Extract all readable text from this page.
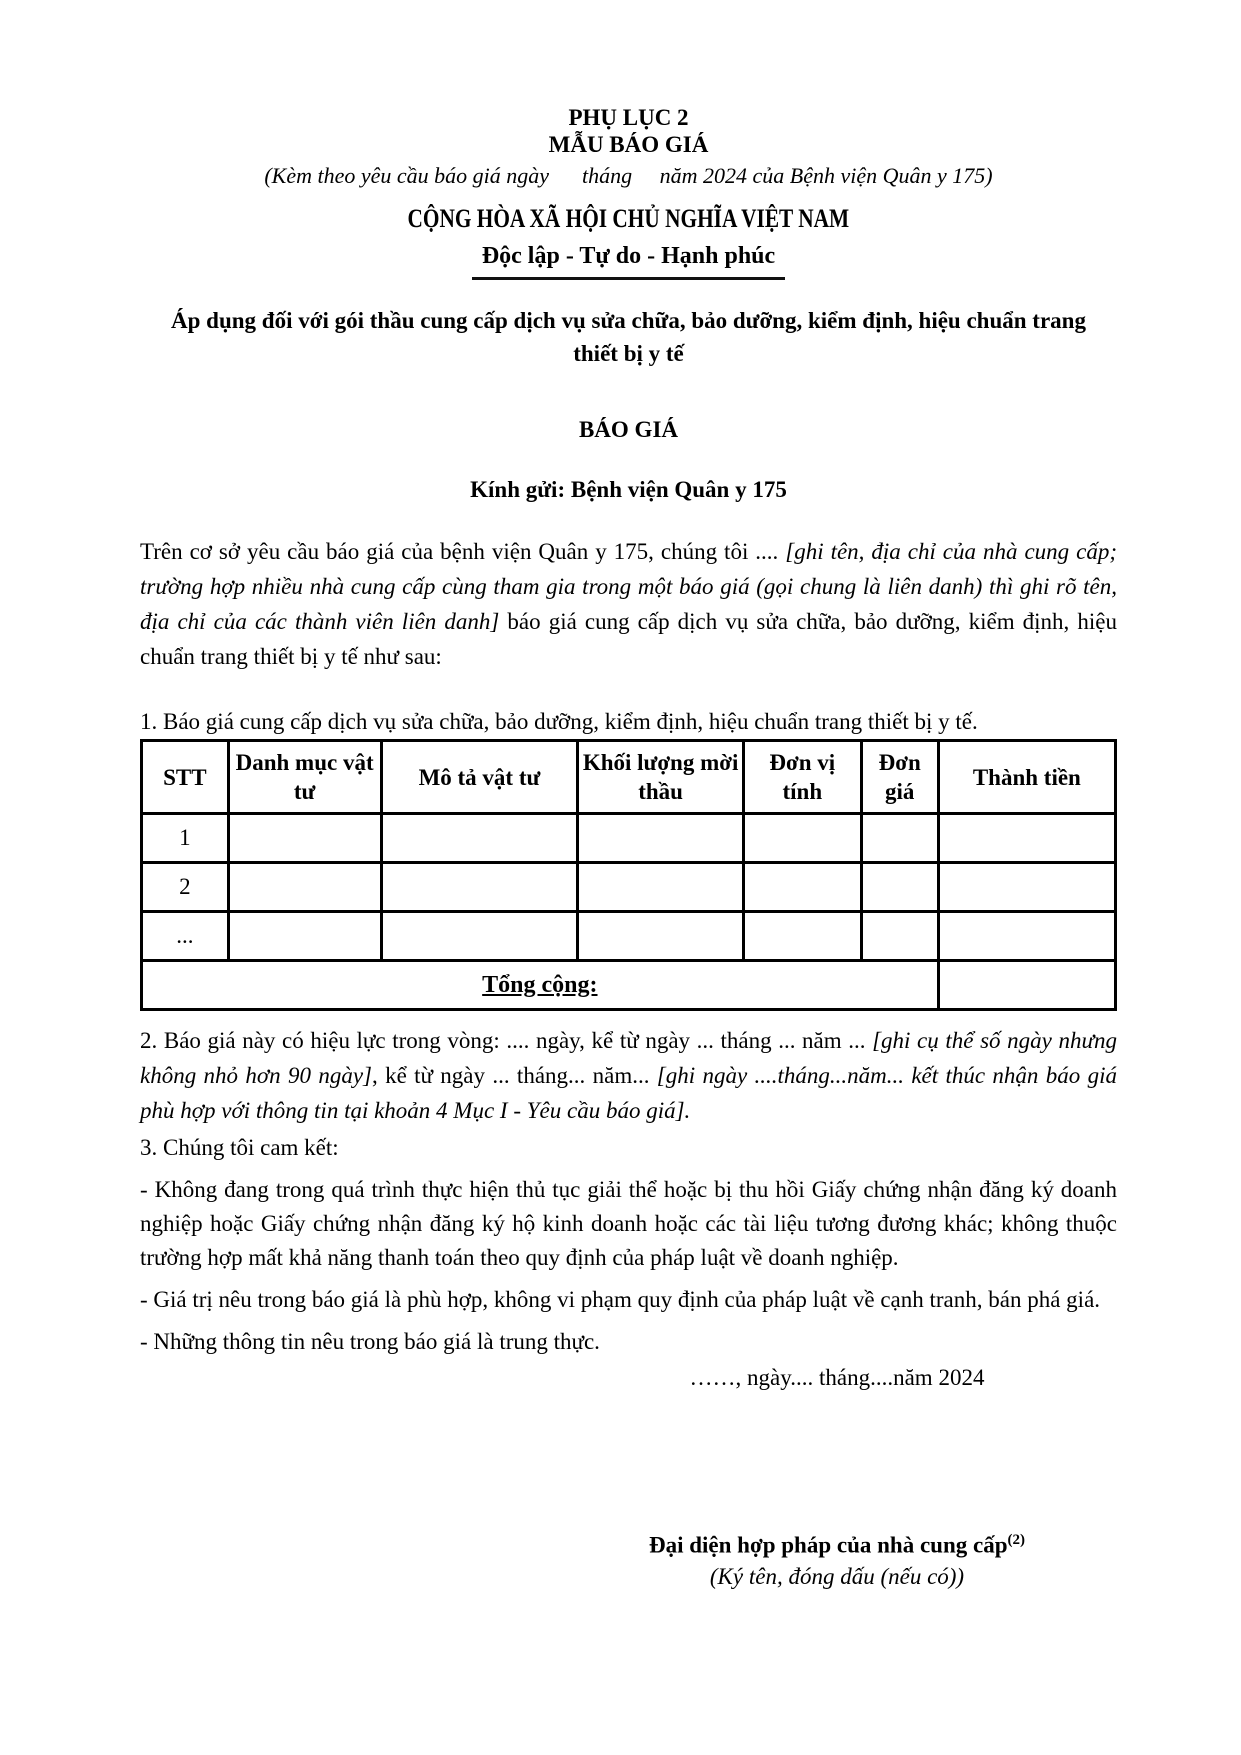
PHỤ LỤC 2
MẪU BÁO GIÁ
(Kèm theo yêu cầu báo giá ngày      tháng     năm 2024 của Bệnh viện Quân y 175)
CỘNG HÒA XÃ HỘI CHỦ NGHĨA VIỆT NAM
Độc lập - Tự do - Hạnh phúc
Áp dụng đối với gói thầu cung cấp dịch vụ sửa chữa, bảo dưỡng, kiểm định, hiệu chuẩn trang thiết bị y tế
BÁO GIÁ
Kính gửi: Bệnh viện Quân y 175

Trên cơ sở yêu cầu báo giá của bệnh viện Quân y 175, chúng tôi .... [ghi tên, địa chỉ của nhà cung cấp; trường hợp nhiều nhà cung cấp cùng tham gia trong một báo giá (gọi chung là liên danh) thì ghi rõ tên, địa chỉ của các thành viên liên danh] báo giá cung cấp dịch vụ sửa chữa, bảo dưỡng, kiểm định, hiệu chuẩn trang thiết bị y tế như sau:

1. Báo giá cung cấp dịch vụ sửa chữa, bảo dưỡng, kiểm định, hiệu chuẩn trang thiết bị y tế.

STT	Danh mục vật tư	Mô tả vật tư	Khối lượng mời thầu	Đơn vị tính	Đơn giá	Thành tiền
1						
2						
...						
Tổng cộng:						

2. Báo giá này có hiệu lực trong vòng: .... ngày, kể từ ngày ... tháng ... năm ... [ghi cụ thể số ngày nhưng không nhỏ hơn 90 ngày], kể từ ngày ... tháng... năm... [ghi ngày ....tháng...năm... kết thúc nhận báo giá phù hợp với thông tin tại khoản 4 Mục I - Yêu cầu báo giá].

3. Chúng tôi cam kết:

- Không đang trong quá trình thực hiện thủ tục giải thể hoặc bị thu hồi Giấy chứng nhận đăng ký doanh nghiệp hoặc Giấy chứng nhận đăng ký hộ kinh doanh hoặc các tài liệu tương đương khác; không thuộc trường hợp mất khả năng thanh toán theo quy định của pháp luật về doanh nghiệp.

- Giá trị nêu trong báo giá là phù hợp, không vi phạm quy định của pháp luật về cạnh tranh, bán phá giá.

- Những thông tin nêu trong báo giá là trung thực.

……, ngày.... tháng....năm 2024
Đại diện hợp pháp của nhà cung cấp$^{(2)}$
(Ký tên, đóng dấu (nếu có))
